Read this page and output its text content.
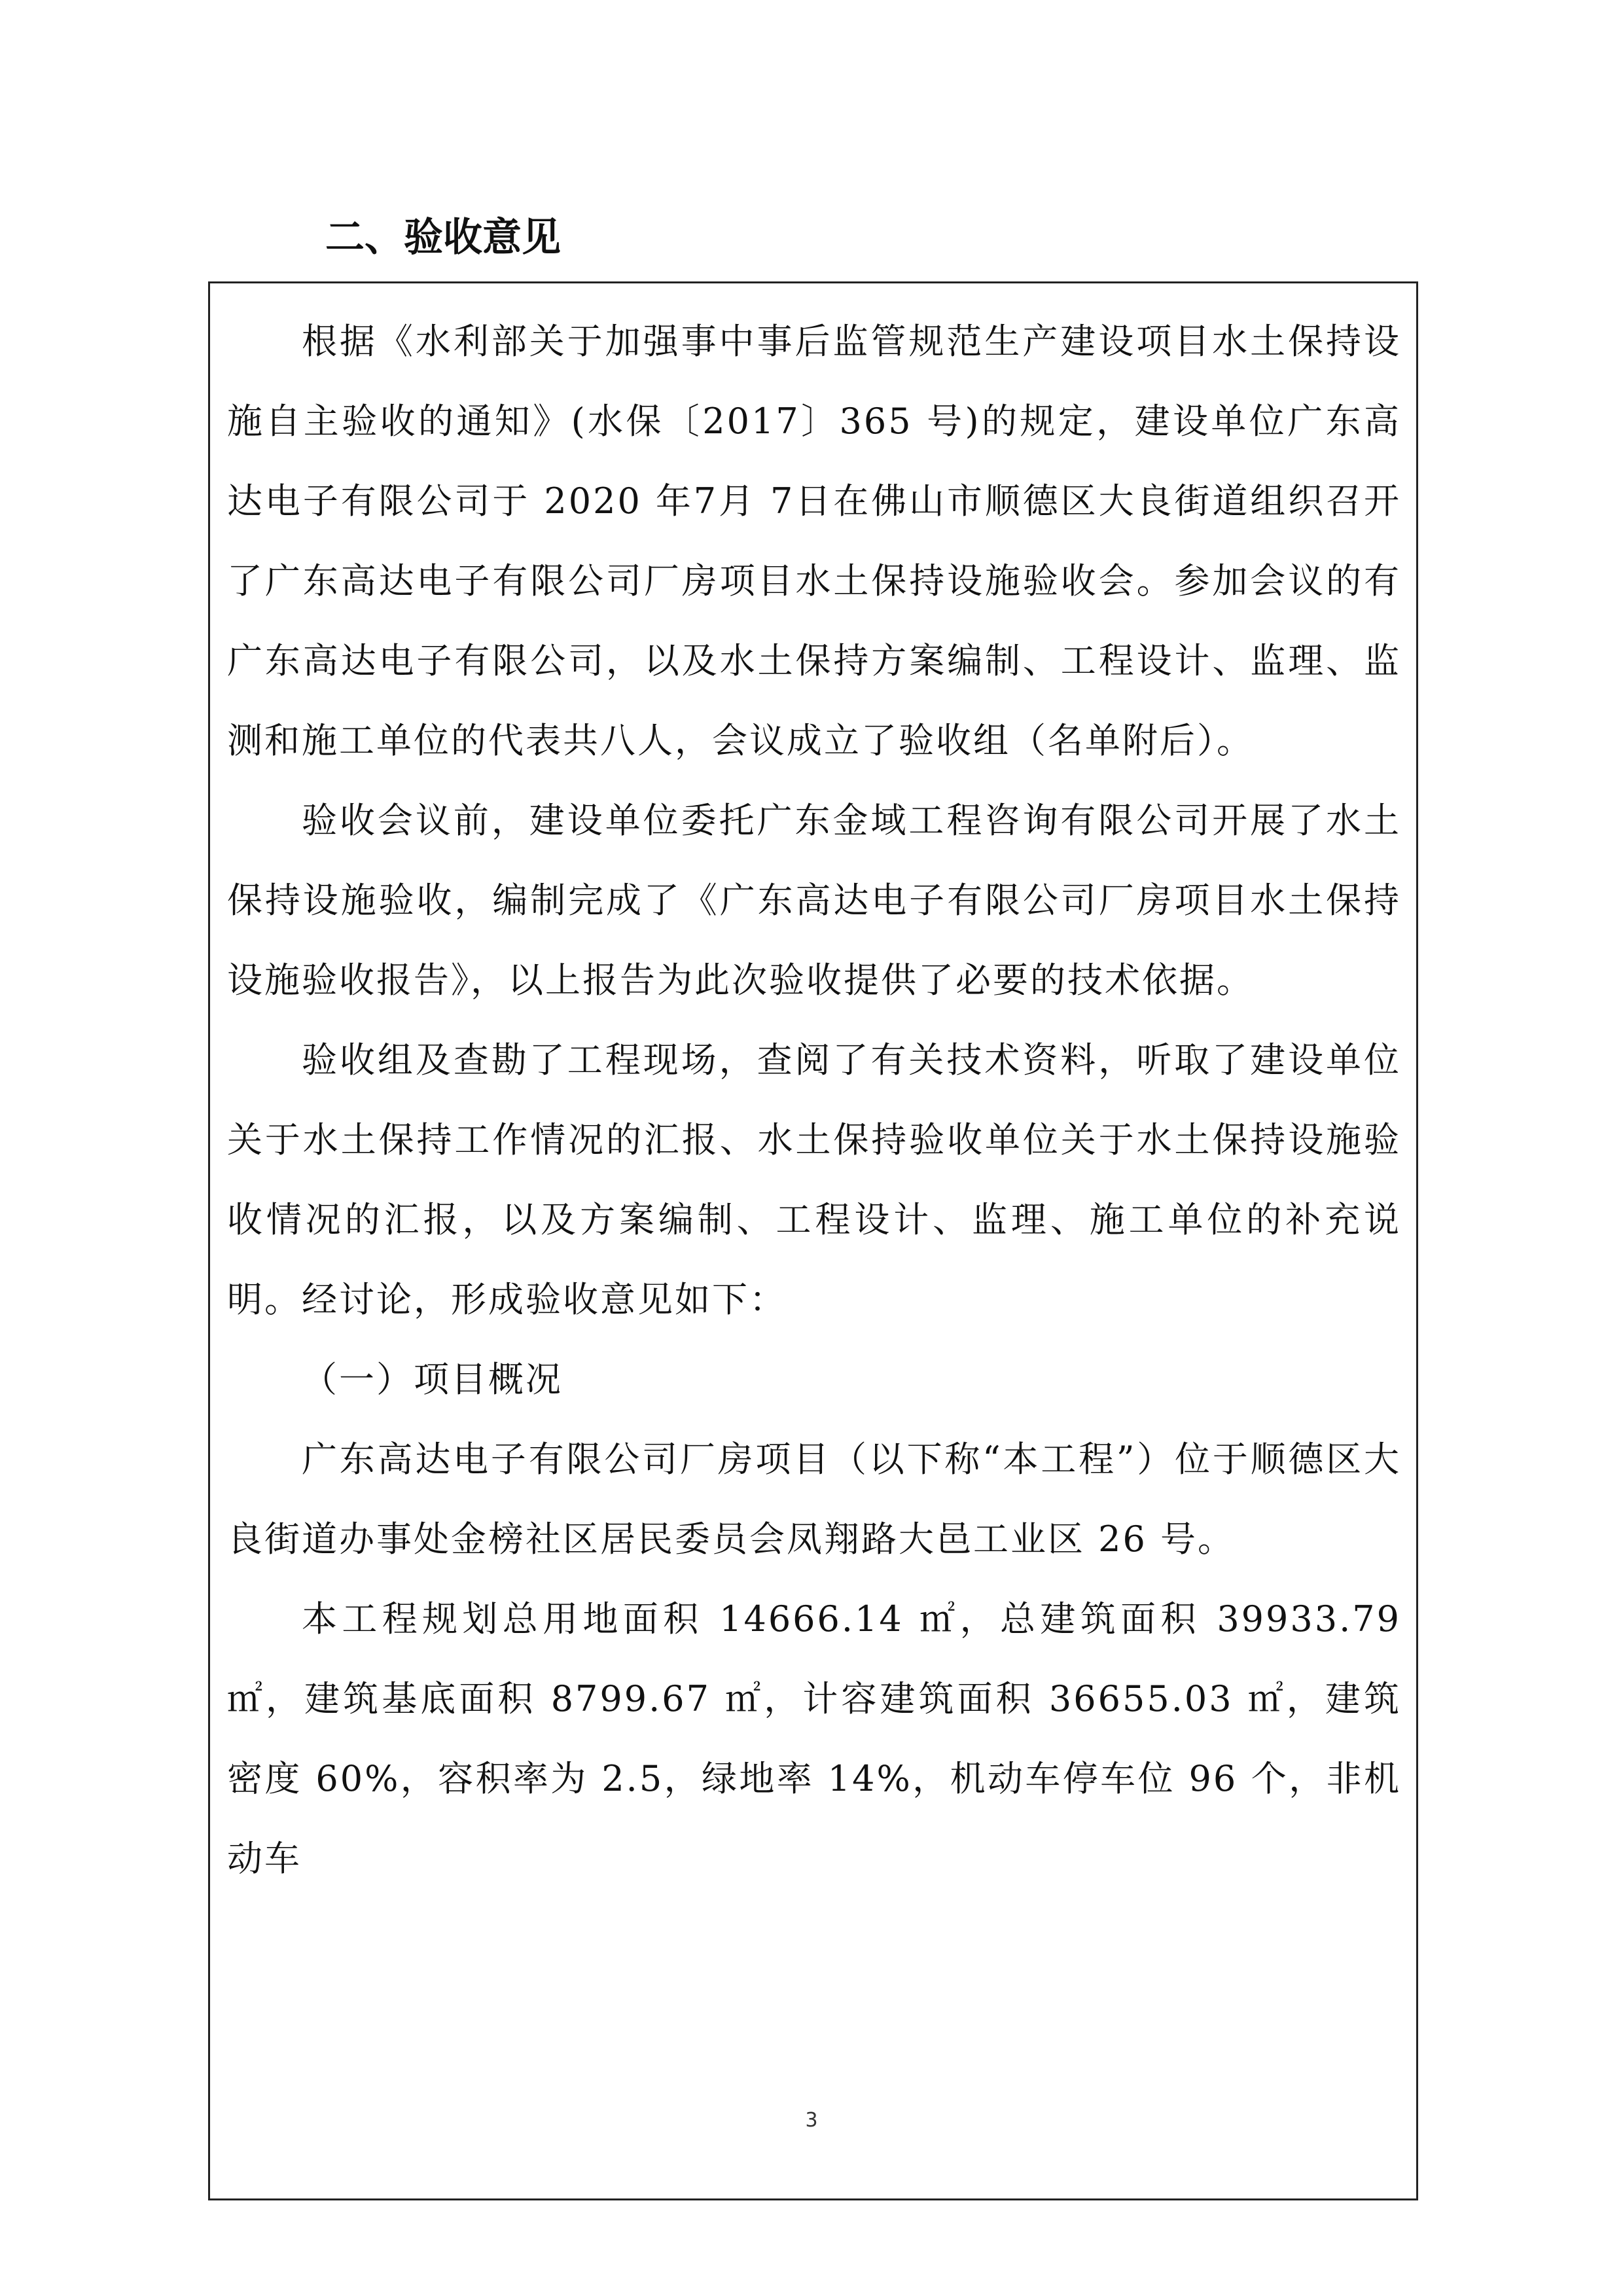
二、验收意见

根据《水利部关于加强事中事后监管规范生产建设项目水土保持设施自主验收的通知》(水保〔2017〕365 号)的规定，建设单位广东高达电子有限公司于 2020 年7月 7日在佛山市顺德区大良街道组织召开了广东高达电子有限公司厂房项目水土保持设施验收会。参加会议的有广东高达电子有限公司，以及水土保持方案编制、工程设计、监理、监测和施工单位的代表共八人，会议成立了验收组（名单附后）。

验收会议前，建设单位委托广东金域工程咨询有限公司开展了水土保持设施验收，编制完成了《广东高达电子有限公司厂房项目水土保持设施验收报告》，以上报告为此次验收提供了必要的技术依据。

验收组及查勘了工程现场，查阅了有关技术资料，听取了建设单位关于水土保持工作情况的汇报、水土保持验收单位关于水土保持设施验收情况的汇报，以及方案编制、工程设计、监理、施工单位的补充说明。经讨论，形成验收意见如下：

（一）项目概况

广东高达电子有限公司厂房项目（以下称“本工程”）位于顺德区大良街道办事处金榜社区居民委员会凤翔路大邑工业区 26 号。

本工程规划总用地面积 14666.14 ㎡，总建筑面积 39933.79 ㎡，建筑基底面积 8799.67 ㎡，计容建筑面积 36655.03 ㎡，建筑密度 60%，容积率为 2.5，绿地率 14%，机动车停车位 96 个，非机动车

3
